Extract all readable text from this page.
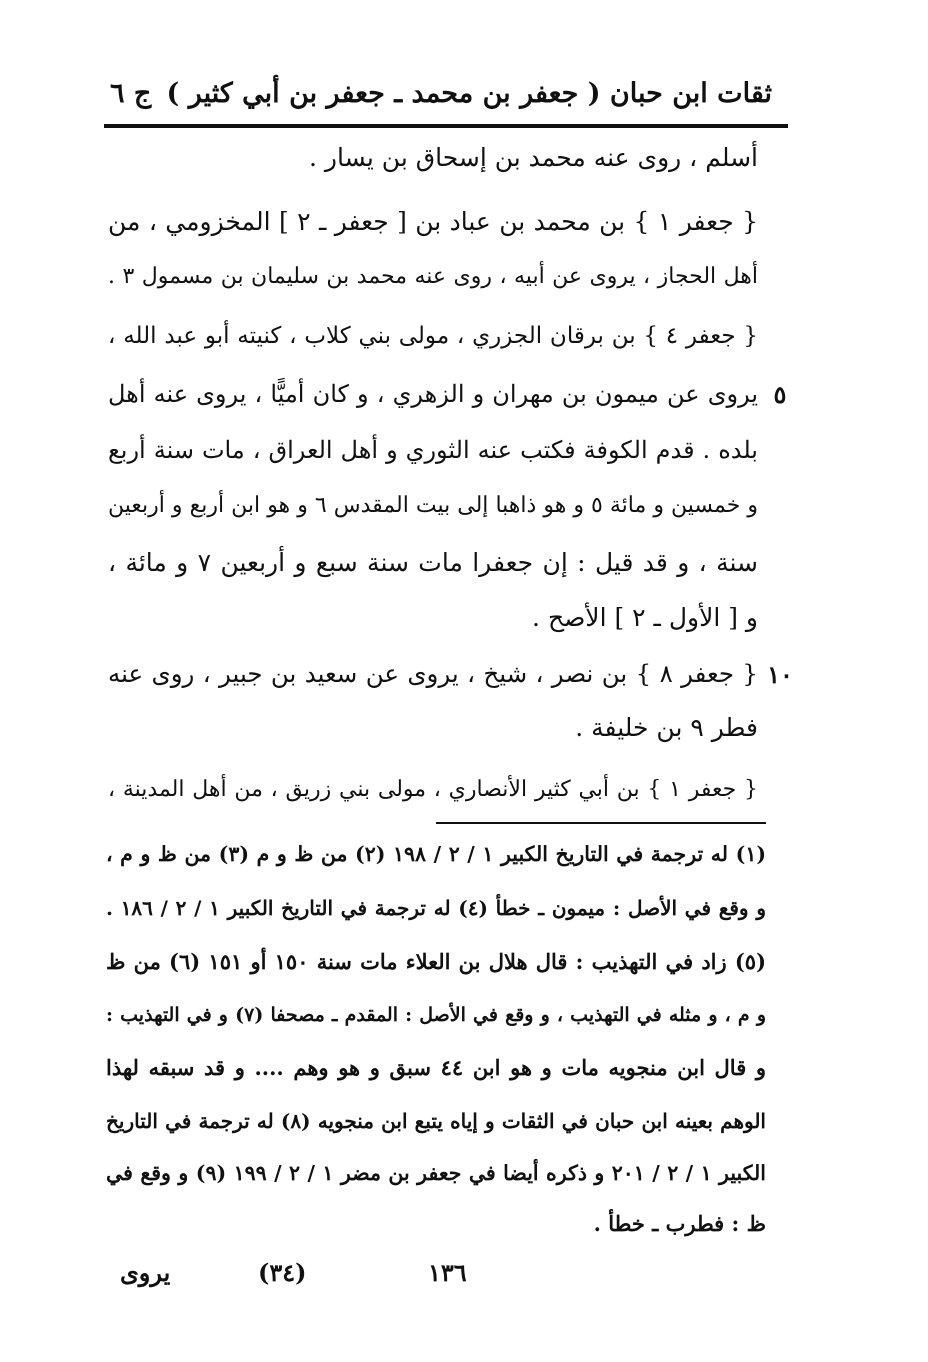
ثقات ابن حبان ( جعفر بن محمد ـ جعفر بن أبي كثير )
ج ٦
أسلم ، روى عنه محمد بن إسحاق بن يسار .
{ جعفر ١ } بن محمد بن عباد بن [ جعفر ـ ٢ ] المخزومي ، من
أهل الحجاز ، يروى عن أبيه ، روى عنه محمد بن سليمان بن مسمول ٣ .
{ جعفر ٤ } بن برقان الجزري ، مولى بني كلاب ، كنيته أبو عبد الله ،
يروى عن ميمون بن مهران و الزهري ، و كان أميًّا ، يروى عنه أهل
بلده . قدم الكوفة فكتب عنه الثوري و أهل العراق ، مات سنة أربع
و خمسين و مائة ٥ و هو ذاهبا إلى بيت المقدس ٦ و هو ابن أربع و أربعين
سنة ، و قد قيل : إن جعفرا مات سنة سبع و أربعين ٧ و مائة ،
و [ الأول ـ ٢ ] الأصح .
{ جعفر ٨ } بن نصر ، شيخ ، يروى عن سعيد بن جبير ، روى عنه
فطر ٩ بن خليفة .
{ جعفر ١ } بن أبي كثير الأنصاري ، مولى بني زريق ، من أهل المدينة ،
٥
١٠
(١) له ترجمة في التاريخ الكبير ١ / ٢ / ١٩٨ (٢) من ظ و م (٣) من ظ و م ،
و وقع في الأصل : ميمون ـ خطأ (٤) له ترجمة في التاريخ الكبير ١ / ٢ / ١٨٦ .
(٥) زاد في التهذيب : قال هلال بن العلاء مات سنة ١٥٠ أو ١٥١ (٦) من ظ
و م ، و مثله في التهذيب ، و وقع في الأصل : المقدم ـ مصحفا (٧) و في التهذيب :
و قال ابن منجويه مات و هو ابن ٤٤ سبق و هو وهم .... و قد سبقه لهذا
الوهم بعينه ابن حبان في الثقات و إياه يتبع ابن منجويه (٨) له ترجمة في التاريخ
الكبير ١ / ٢ / ٢٠١ و ذكره أيضا في جعفر بن مضر ١ / ٢ / ١٩٩ (٩) و وقع في
ظ : فطرب ـ خطأ .
يروى	(٣٤)	١٣٦
